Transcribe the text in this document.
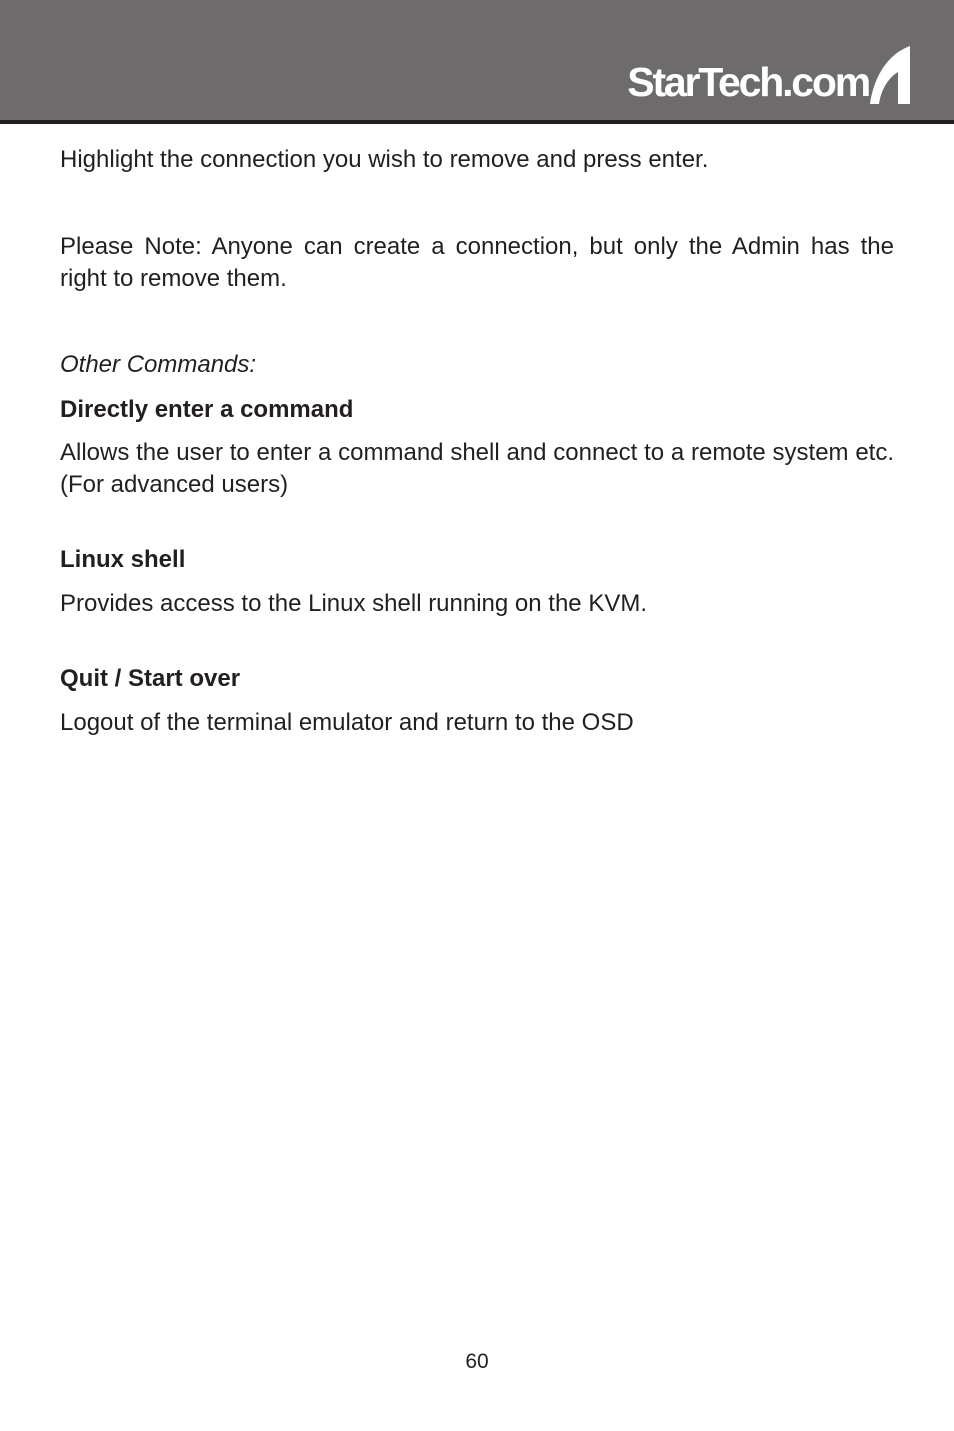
StarTech.com

Highlight the connection you wish to remove and press enter.

Please Note: Anyone can create a connection, but only the Admin has the right to remove them.

Other Commands:

Directly enter a command

Allows the user to enter a command shell and connect to a remote system etc. (For advanced users)

Linux shell

Provides access to the Linux shell running on the KVM.

Quit / Start over

Logout of the terminal emulator and return to the OSD

60
